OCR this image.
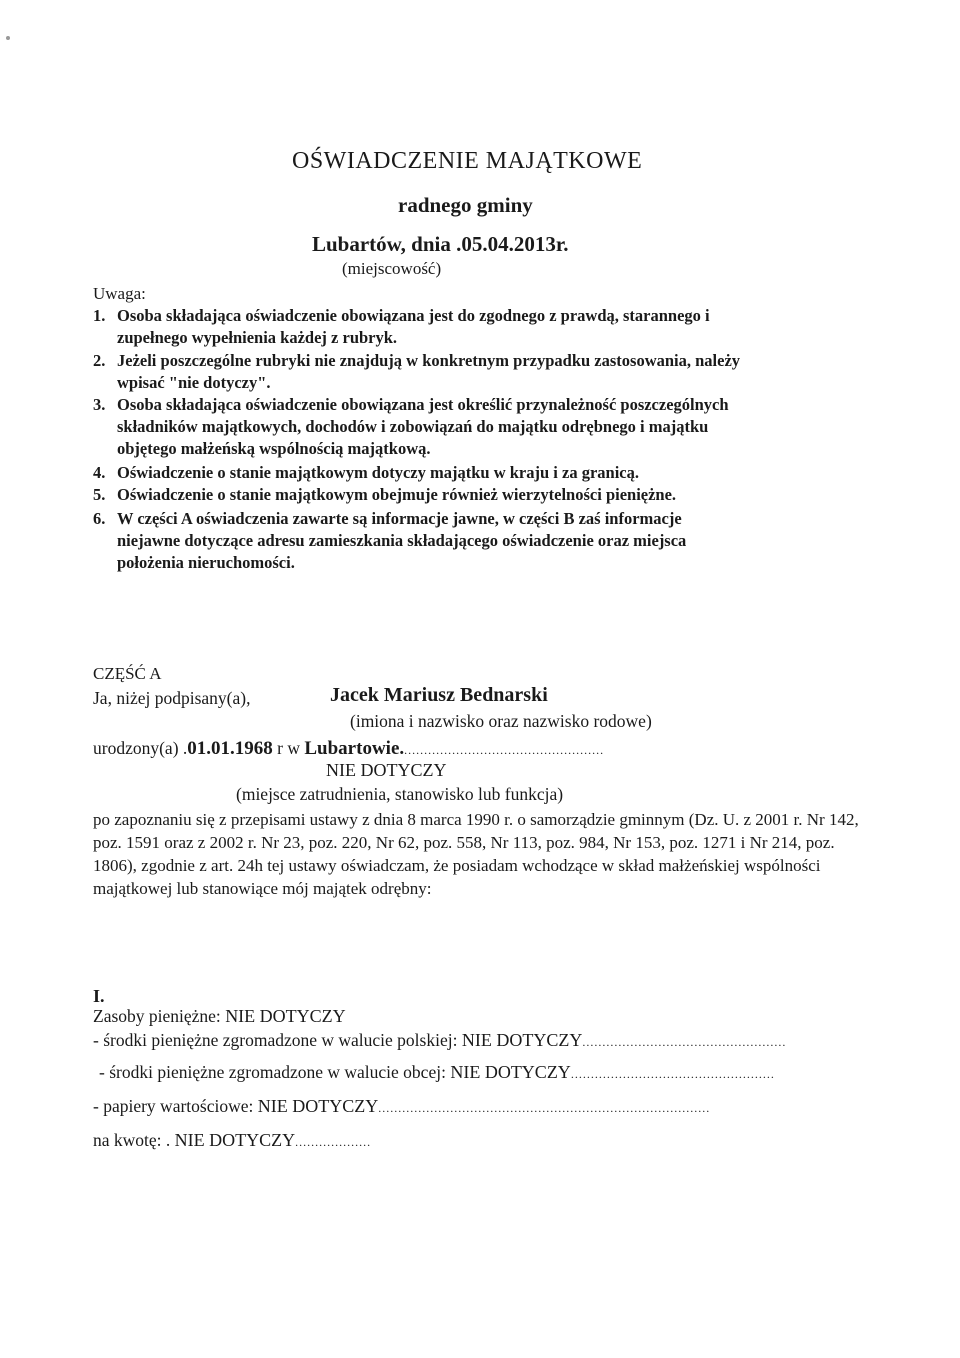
OŚWIADCZENIE MAJĄTKOWE
radnego gminy
Lubartów, dnia .05.04.2013r.
(miejscowość)
Uwaga:
1. Osoba składająca oświadczenie obowiązana jest do zgodnego z prawdą, starannego i
zupełnego wypełnienia każdej z rubryk.
2. Jeżeli poszczególne rubryki nie znajdują w konkretnym przypadku zastosowania, należy
wpisać "nie dotyczy".
3. Osoba składająca oświadczenie obowiązana jest określić przynależność poszczególnych
składników majątkowych, dochodów i zobowiązań do majątku odrębnego i majątku
objętego małżeńską wspólnością majątkową.
4. Oświadczenie o stanie majątkowym dotyczy majątku w kraju i za granicą.
5. Oświadczenie o stanie majątkowym obejmuje również wierzytelności pieniężne.
6. W części A oświadczenia zawarte są informacje jawne, w części B zaś informacje
niejawne dotyczące adresu zamieszkania składającego oświadczenie oraz miejsca
położenia nieruchomości.
CZĘŚĆ A
Ja, niżej podpisany(a),	Jacek Mariusz Bednarski
(imiona i nazwisko oraz nazwisko rodowe)
urodzony(a) .01.01.1968 r w Lubartowie...................................................
NIE DOTYCZY
(miejsce zatrudnienia, stanowisko lub funkcja)
po zapoznaniu się z przepisami ustawy z dnia 8 marca 1990 r. o samorządzie gminnym (Dz. U. z 2001 r. Nr 142, poz. 1591 oraz z 2002 r. Nr 23, poz. 220, Nr 62, poz. 558, Nr 113, poz. 984, Nr 153, poz. 1271 i Nr 214, poz. 1806), zgodnie z art. 24h tej ustawy oświadczam, że posiadam wchodzące w skład małżeńskiej wspólności majątkowej lub stanowiące mój majątek odrębny:
I.
Zasoby pieniężne: NIE DOTYCZY
- środki pieniężne zgromadzone w walucie polskiej: NIE DOTYCZY...................................................
- środki pieniężne zgromadzone w walucie obcej: NIE DOTYCZY...................................................
- papiery wartościowe: NIE DOTYCZY...................................................................................
na kwotę: . NIE DOTYCZY...................
